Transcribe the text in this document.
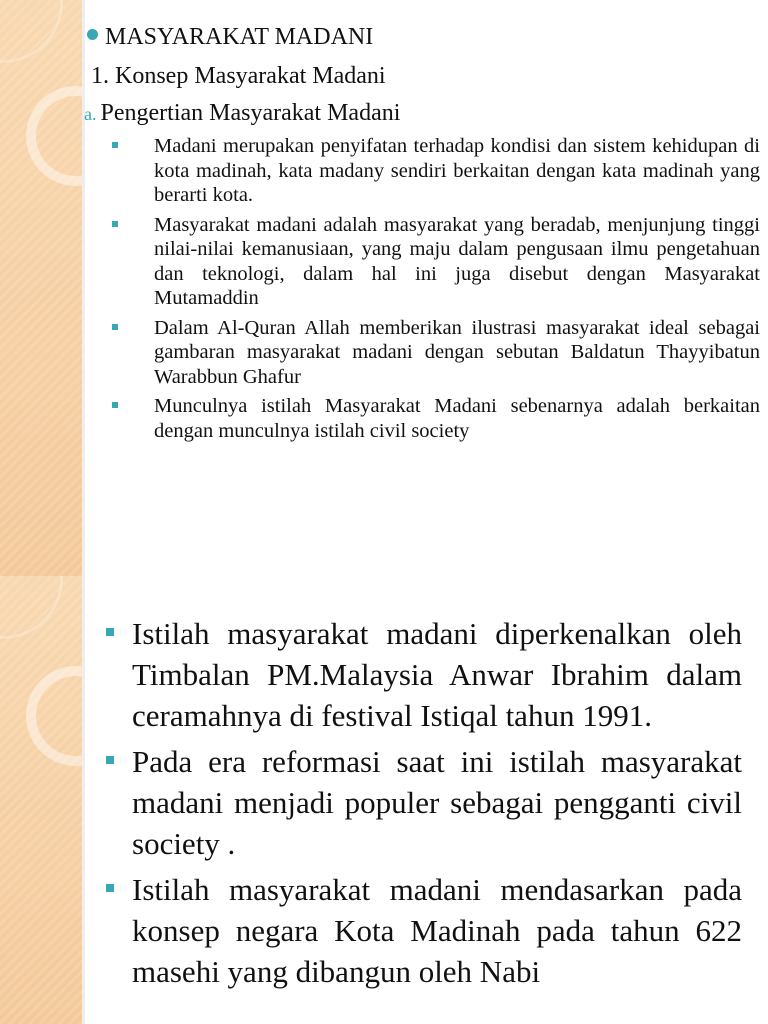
MASYARAKAT MADANI
1. Konsep Masyarakat Madani
a. Pengertian Masyarakat Madani
Madani merupakan penyifatan terhadap kondisi dan sistem kehidupan di kota madinah, kata madany sendiri berkaitan dengan kata madinah yang berarti kota.
Masyarakat madani adalah masyarakat yang beradab, menjunjung tinggi nilai-nilai kemanusiaan, yang maju dalam pengusaan ilmu pengetahuan dan teknologi, dalam hal ini juga disebut dengan Masyarakat Mutamaddin
Dalam Al-Quran Allah memberikan ilustrasi masyarakat ideal sebagai gambaran masyarakat madani dengan sebutan Baldatun Thayyibatun Warabbun Ghafur
Munculnya istilah Masyarakat Madani sebenarnya adalah berkaitan dengan munculnya istilah civil society
Istilah masyarakat madani diperkenalkan oleh Timbalan PM.Malaysia Anwar Ibrahim dalam ceramahnya di festival Istiqal tahun 1991.
Pada era reformasi saat ini istilah masyarakat madani menjadi populer sebagai pengganti civil society .
Istilah masyarakat madani mendasarkan pada konsep negara Kota Madinah pada tahun 622 masehi yang dibangun oleh Nabi
